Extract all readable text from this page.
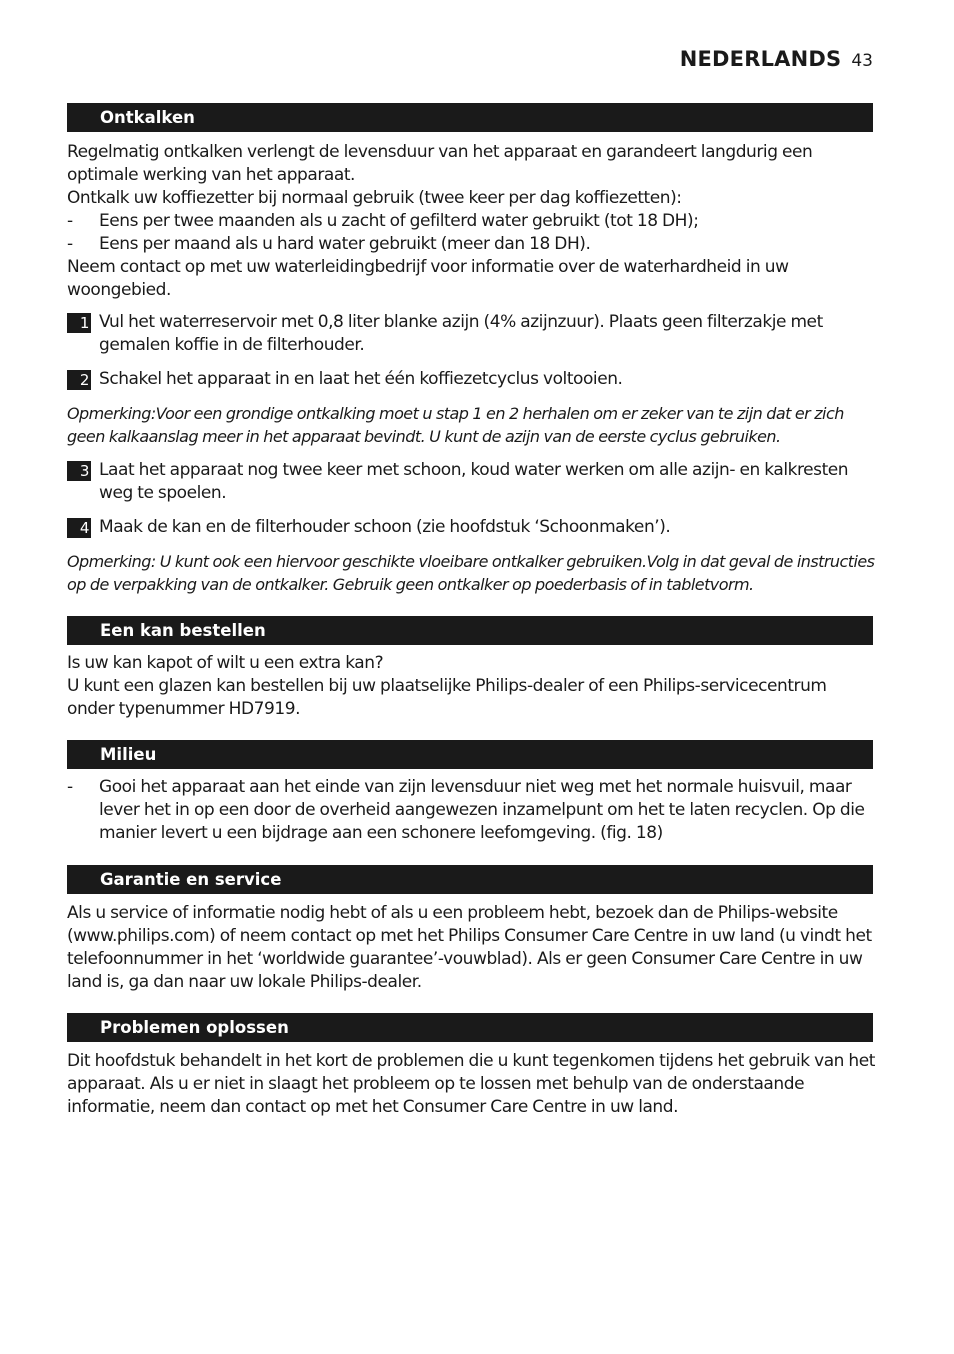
NEDERLANDS 43
Ontkalken

Regelmatig ontkalken verlengt de levensduur van het apparaat en garandeert langdurig een optimale werking van het apparaat.

Ontkalk uw koffiezetter bij normaal gebruik (twee keer per dag koffiezetten):

-	Eens per twee maanden als u zacht of gefilterd water gebruikt (tot 18 DH);
-	Eens per maand als u hard water gebruikt (meer dan 18 DH).

Neem contact op met uw waterleidingbedrijf voor informatie over de waterhardheid in uw woongebied.

1 Vul het waterreservoir met 0,8 liter blanke azijn (4% azijnzuur). Plaats geen filterzakje met gemalen koffie in de filterhouder.
2 Schakel het apparaat in en laat het één koffiezetcyclus voltooien.
Opmerking:Voor een grondige ontkalking moet u stap 1 en 2 herhalen om er zeker van te zijn dat er zich geen kalkaanslag meer in het apparaat bevindt. U kunt de azijn van de eerste cyclus gebruiken.
3 Laat het apparaat nog twee keer met schoon, koud water werken om alle azijn- en kalkresten weg te spoelen.
4 Maak de kan en de filterhouder schoon (zie hoofdstuk ‘Schoonmaken’).
Opmerking: U kunt ook een hiervoor geschikte vloeibare ontkalker gebruiken.Volg in dat geval de instructies op de verpakking van de ontkalker. Gebruik geen ontkalker op poederbasis of in tabletvorm.
Een kan bestellen

Is uw kan kapot of wilt u een extra kan?

U kunt een glazen kan bestellen bij uw plaatselijke Philips-dealer of een Philips-servicecentrum onder typenummer HD7919.

Milieu
-	Gooi het apparaat aan het einde van zijn levensduur niet weg met het normale huisvuil, maar lever het in op een door de overheid aangewezen inzamelpunt om het te laten recyclen. Op die manier levert u een bijdrage aan een schonere leefomgeving. (fig. 18)
Garantie en service

Als u service of informatie nodig hebt of als u een probleem hebt, bezoek dan de Philips-website (www.philips.com) of neem contact op met het Philips Consumer Care Centre in uw land (u vindt het telefoonnummer in het ‘worldwide guarantee’-vouwblad). Als er geen Consumer Care Centre in uw land is, ga dan naar uw lokale Philips-dealer.

Problemen oplossen

Dit hoofdstuk behandelt in het kort de problemen die u kunt tegenkomen tijdens het gebruik van het apparaat. Als u er niet in slaagt het probleem op te lossen met behulp van de onderstaande informatie, neem dan contact op met het Consumer Care Centre in uw land.
